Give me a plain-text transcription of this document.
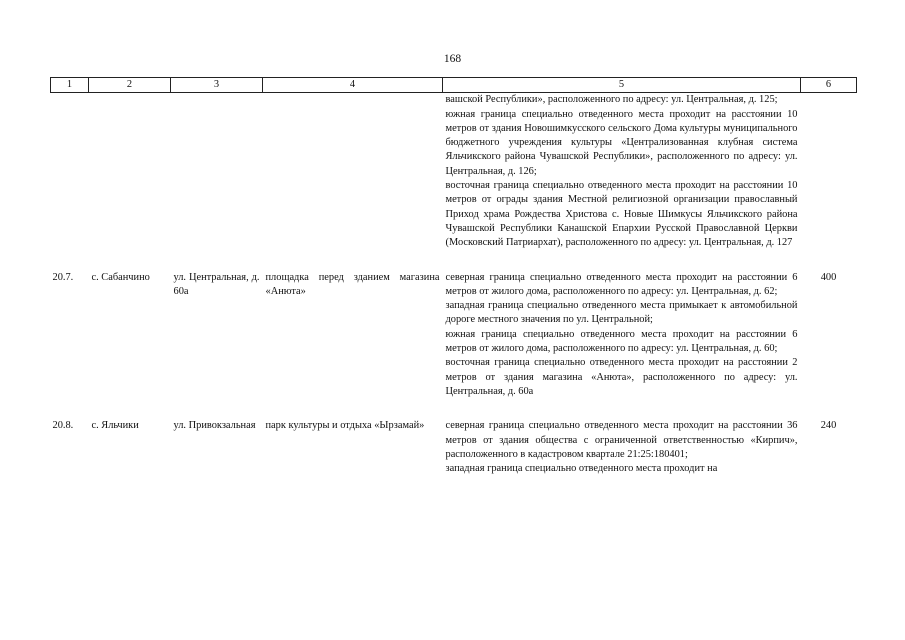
168
1	2	3	4	5	6

				вашской Республики», расположенного по адресу: ул. Центральная, д. 125;

южная граница специально отведенного места проходит на расстоянии 10 метров от здания Новошимкусского сельского Дома культуры муниципального бюджетного учреждения культуры «Централизованная клубная система Яльчикского района Чувашской Республики», расположенного по адресу: ул. Центральная, д. 126;

восточная граница специально отведенного места проходит на расстоянии 10 метров от ограды здания Местной религиозной организации православный Приход храма Рождества Христова с. Новые Шимкусы Яльчикского района Чувашской Республики Канашской Епархии Русской Православной Церкви (Московский Патриархат), расположенного по адресу: ул. Центральная, д. 127	

20.7.	с. Сабанчино	ул. Центральная, д. 60а	площадка перед зданием магазина «Анюта»	северная граница специально отведенного места проходит на расстоянии 6 метров от жилого дома, расположенного по адресу: ул. Центральная, д. 62;

западная граница специально отведенного места примыкает к автомобильной дороге местного значения по ул. Центральной;

южная граница специально отведенного места проходит на расстоянии 6 метров от жилого дома, расположенного по адресу: ул. Центральная, д. 60;

восточная граница специально отведенного места проходит на расстоянии 2 метров от здания магазина «Анюта», расположенного по адресу: ул. Центральная, д. 60а	400
20.8.	с. Яльчики	ул. Привокзальная	парк культуры и отдыха «Ырзамай»	северная граница специально отведенного места проходит на расстоянии 36 метров от здания общества с ограниченной ответственностью «Кирпич», расположенного в кадастровом квартале 21:25:180401;

западная граница специально отведенного места проходит на	240
